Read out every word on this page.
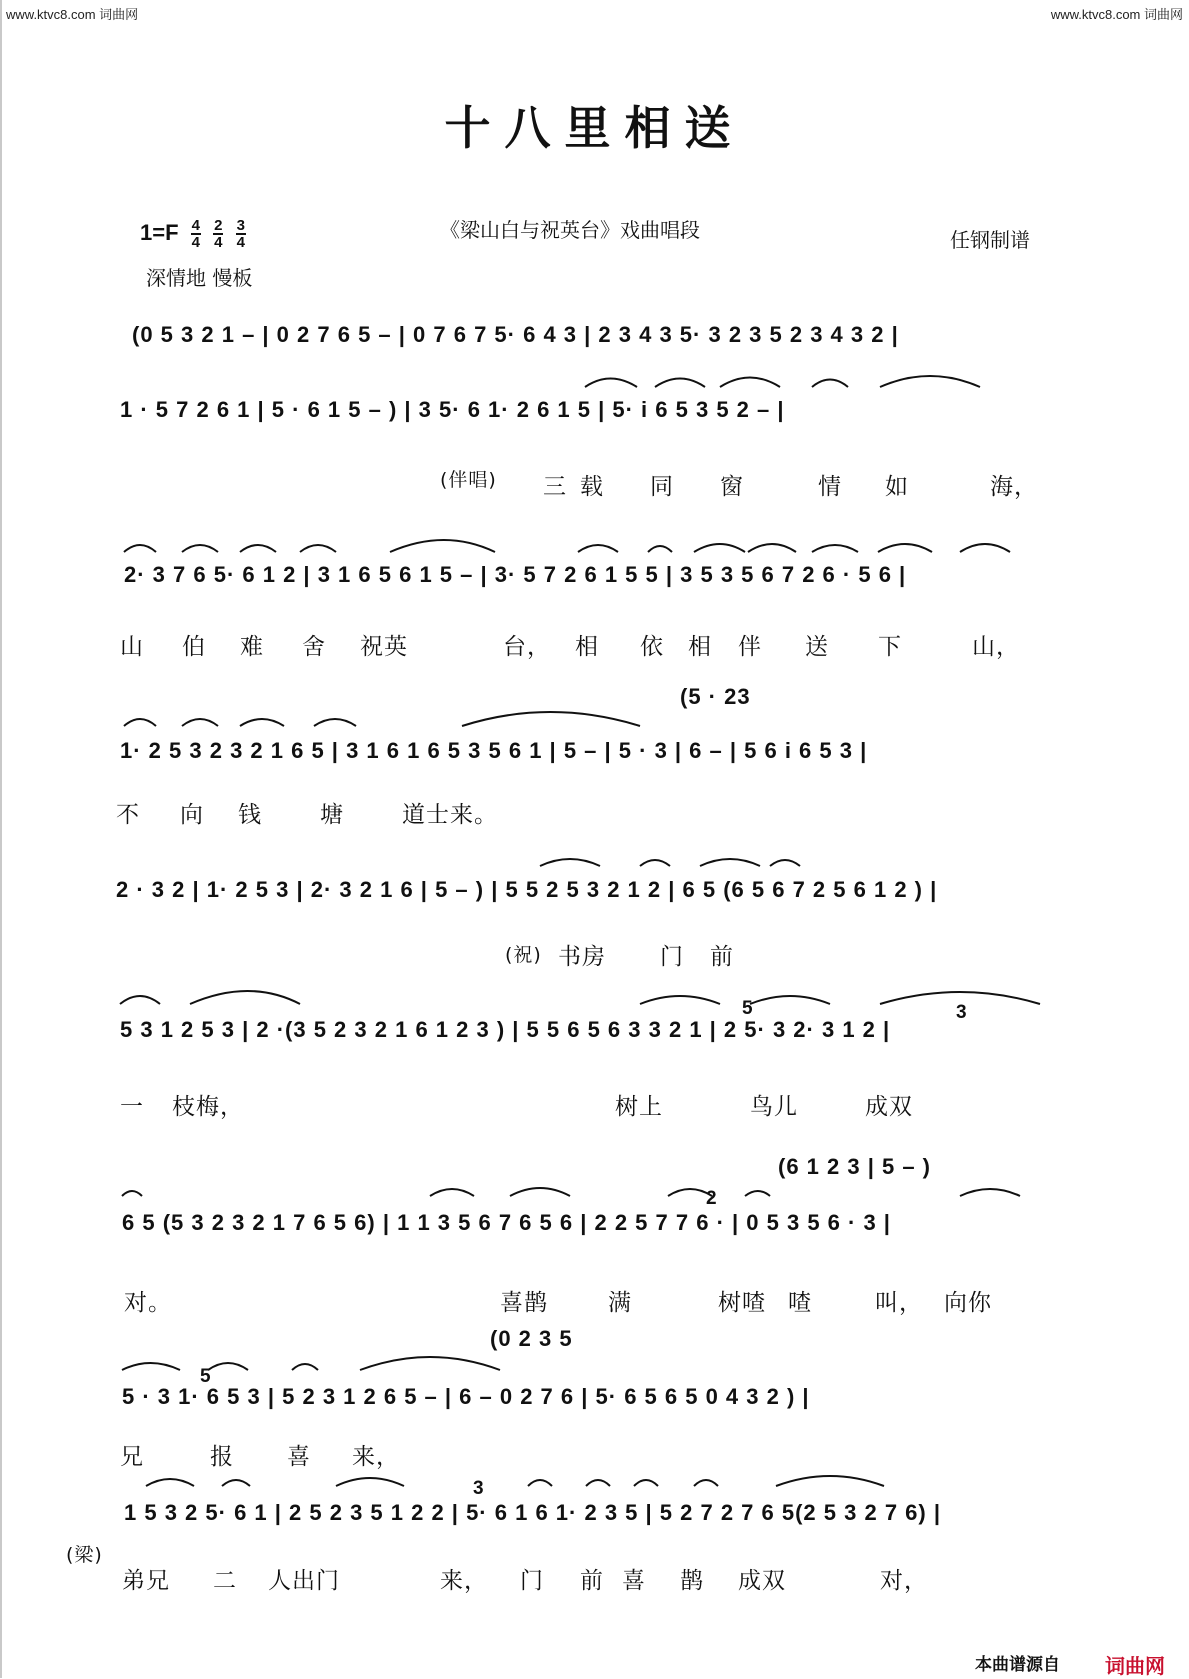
www.ktvc8.com 词曲网	www.ktvc8.com 词曲网
十八里相送
$1=F \frac{4}{4}$
$\frac{2}{4}$
$\frac{3}{4}$	《梁山白与祝英台》戏曲唱段	任钢制谱
深情地 慢板
(0 5 3 2 1 – | 0 2 7 6 5 – | 0 7 6 7 5· 6 4 3 | 2 3 4 3 5· 3 2 3 5 2 3 4 3 2 |
1 · 5 7 2 6 1 | 5 · 6 1 5 – ) | 3 5· 6 1· 2 6 1 5 | 5· i 6 5 3 5 2 – |
(伴唱) 三 载 同 窗	情 如	海，
2· 3 7 6 5· 6 1 2 | 3 1 6 5 6 1 5 – | 3· 5 7 2 6 1 5 5 | 3 5 3 5 6 7 2 6 · 5 6 |
山 伯 难 舍 祝英	台， 相 依 相 伴 送 下	山，
(5 · 23
1· 2 5 3 2 3 2 1 6 5 | 3 1 6 1 6 5 3 5 6 1 | 5 – | 5 · 3 | 6 – | 5 6 i 6 5 3 |
不 向 钱	塘	道士来。
2 · 3 2 | 1· 2 5 3 | 2· 3 2 1 6 | 5 – ) | 5 5 2 5 3 2 1 2 | 6 5 (6 5 6 7 2 5 6 1 2 ) |
(祝) 书房 门 前
5 3 1 2 5 3 | 2 ·(3 5 2 3 2 1 6 1 2 3 ) | 5 5 6 5 6 3 3 2 1 | 2 5· 3 2· 3 1 2 |
5	3
一 枝梅，	树上	鸟儿	成双
(6 1 2 3 | 5 – )
6 5 (5 3 2 3 2 1 7 6 5 6) | 1 1 3 5 6 7 6 5 6 | 2 2 5 7 7 6 · | 0 5 3 5 6 · 3 |
2
对。	喜鹊	满	树喳 喳	叫， 向你
(0 2 3 5
5 · 3 1· 6 5 3 | 5 2 3 1 2 6 5 – | 6 – 0 2 7 6 | 5· 6 5 6 5 0 4 3 2 ) |
5
兄	报 喜 来，
1 5 3 2 5· 6 1 | 2 5 2 3 5 1 2 2 | 5· 6 1 6 1· 2 3 5 | 5 2 7 2 7 6 5(2 5 3 2 7 6) |
3
(梁)
弟兄 二 人出门	来， 门 前 喜 鹊 成双	对，
本曲谱源自 词曲网
